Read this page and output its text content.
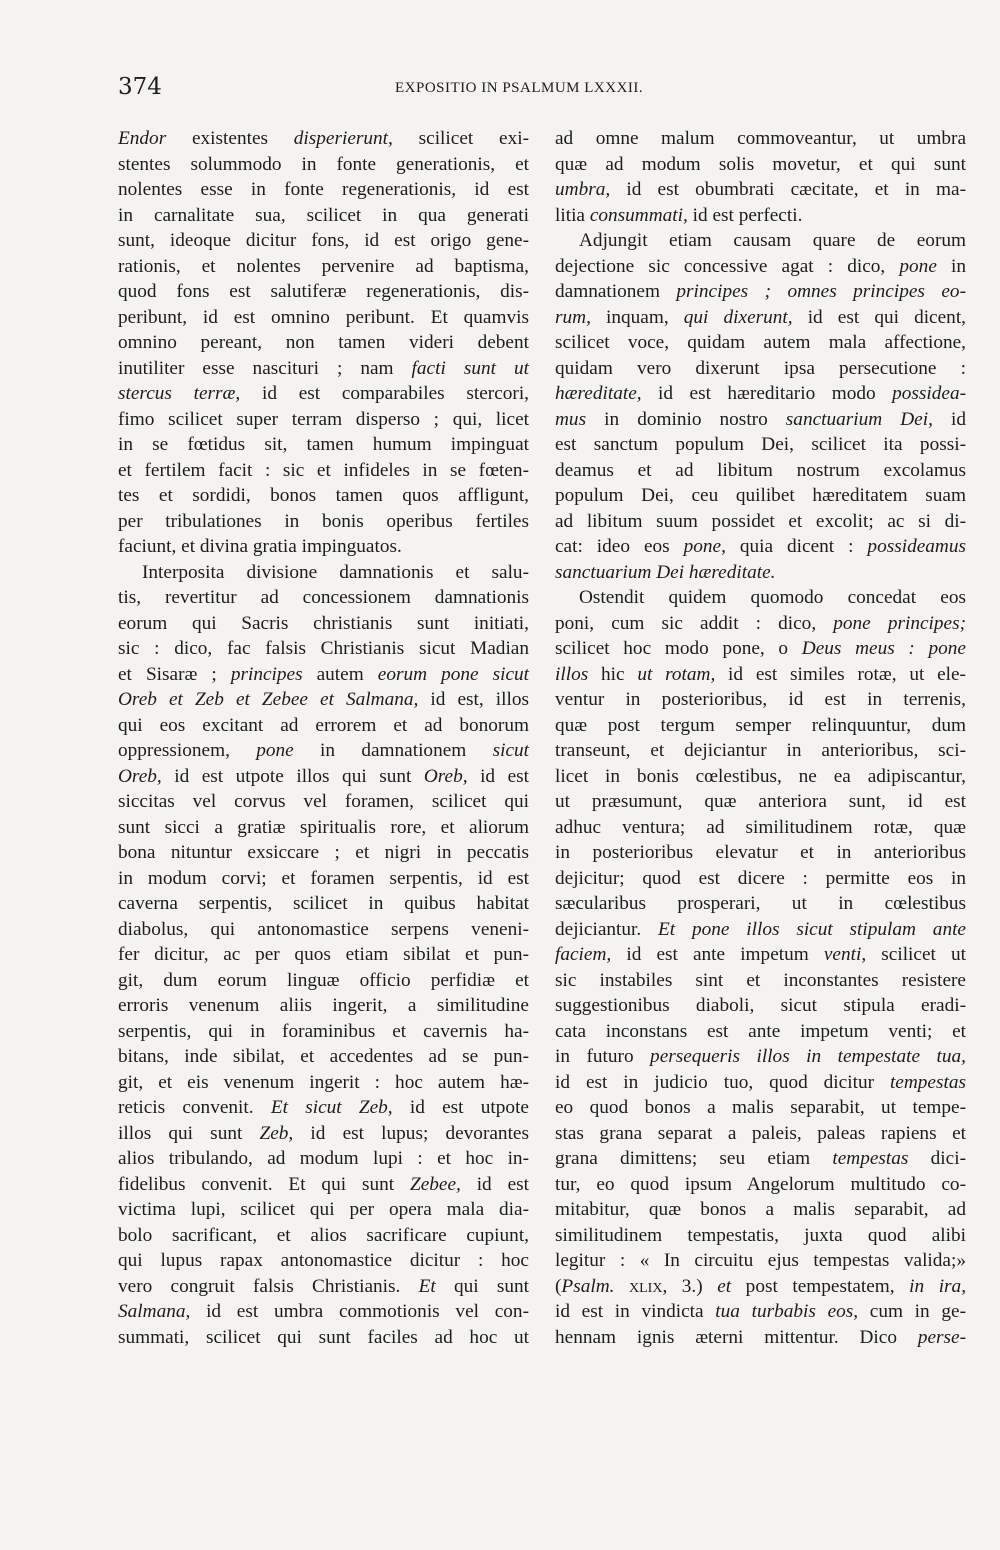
374	EXPOSITIO IN PSALMUM LXXXII.
Endor existentes disperierunt, scilicet exi-
stentes solummodo in fonte generationis, et
nolentes esse in fonte regenerationis, id est
in carnalitate sua, scilicet in qua generati
sunt, ideoque dicitur fons, id est origo gene-
rationis, et nolentes pervenire ad baptisma,
quod fons est salutiferæ regenerationis, dis-
peribunt, id est omnino peribunt. Et quamvis
omnino pereant, non tamen videri debent
inutiliter esse nascituri ; nam facti sunt ut
stercus terræ, id est comparabiles stercori,
fimo scilicet super terram disperso ; qui, licet
in se fœtidus sit, tamen humum impinguat
et fertilem facit : sic et infideles in se fœten-
tes et sordidi, bonos tamen quos affligunt,
per tribulationes in bonis operibus fertiles
faciunt, et divina gratia impinguatos.
Interposita divisione damnationis et salu-
tis, revertitur ad concessionem damnationis
eorum qui Sacris christianis sunt initiati,
sic : dico, fac falsis Christianis sicut Madian
et Sisaræ ; principes autem eorum pone sicut
Oreb et Zeb et Zebee et Salmana, id est, illos
qui eos excitant ad errorem et ad bonorum
oppressionem, pone in damnationem sicut
Oreb, id est utpote illos qui sunt Oreb, id est
siccitas vel corvus vel foramen, scilicet qui
sunt sicci a gratiæ spiritualis rore, et aliorum
bona nituntur exsiccare ; et nigri in peccatis
in modum corvi; et foramen serpentis, id est
caverna serpentis, scilicet in quibus habitat
diabolus, qui antonomastice serpens veneni-
fer dicitur, ac per quos etiam sibilat et pun-
git, dum eorum linguæ officio perfidiæ et
erroris venenum aliis ingerit, a similitudine
serpentis, qui in foraminibus et cavernis ha-
bitans, inde sibilat, et accedentes ad se pun-
git, et eis venenum ingerit : hoc autem hæ-
reticis convenit. Et sicut Zeb, id est utpote
illos qui sunt Zeb, id est lupus; devorantes
alios tribulando, ad modum lupi : et hoc in-
fidelibus convenit. Et qui sunt Zebee, id est
victima lupi, scilicet qui per opera mala dia-
bolo sacrificant, et alios sacrificare cupiunt,
qui lupus rapax antonomastice dicitur : hoc
vero congruit falsis Christianis. Et qui sunt
Salmana, id est umbra commotionis vel con-
summati, scilicet qui sunt faciles ad hoc ut
ad omne malum commoveantur, ut umbra
quæ ad modum solis movetur, et qui sunt
umbra, id est obumbrati cæcitate, et in ma-
litia consummati, id est perfecti.
Adjungit etiam causam quare de eorum
dejectione sic concessive agat : dico, pone in
damnationem principes ; omnes principes eo-
rum, inquam, qui dixerunt, id est qui dicent,
scilicet voce, quidam autem mala affectione,
quidam vero dixerunt ipsa persecutione :
hæreditate, id est hæreditario modo possidea-
mus in dominio nostro sanctuarium Dei, id
est sanctum populum Dei, scilicet ita possi-
deamus et ad libitum nostrum excolamus
populum Dei, ceu quilibet hæreditatem suam
ad libitum suum possidet et excolit; ac si di-
cat: ideo eos pone, quia dicent : possideamus
sanctuarium Dei hæreditate.
Ostendit quidem quomodo concedat eos
poni, cum sic addit : dico, pone principes;
scilicet hoc modo pone, o Deus meus : pone
illos hic ut rotam, id est similes rotæ, ut ele-
ventur in posterioribus, id est in terrenis,
quæ post tergum semper relinquuntur, dum
transeunt, et dejiciantur in anterioribus, sci-
licet in bonis cœlestibus, ne ea adipiscantur,
ut præsumunt, quæ anteriora sunt, id est
adhuc ventura; ad similitudinem rotæ, quæ
in posterioribus elevatur et in anterioribus
dejicitur; quod est dicere : permitte eos in
sæcularibus prosperari, ut in cœlestibus
dejiciantur. Et pone illos sicut stipulam ante
faciem, id est ante impetum venti, scilicet ut
sic instabiles sint et inconstantes resistere
suggestionibus diaboli, sicut stipula eradi-
cata inconstans est ante impetum venti; et
in futuro persequeris illos in tempestate tua,
id est in judicio tuo, quod dicitur tempestas
eo quod bonos a malis separabit, ut tempe-
stas grana separat a paleis, paleas rapiens et
grana dimittens; seu etiam tempestas dici-
tur, eo quod ipsum Angelorum multitudo co-
mitabitur, quæ bonos a malis separabit, ad
similitudinem tempestatis, juxta quod alibi
legitur : « In circuitu ejus tempestas valida;»
(Psalm. xlix, 3.) et post tempestatem, in ira,
id est in vindicta tua turbabis eos, cum in ge-
hennam ignis æterni mittentur. Dico perse-
